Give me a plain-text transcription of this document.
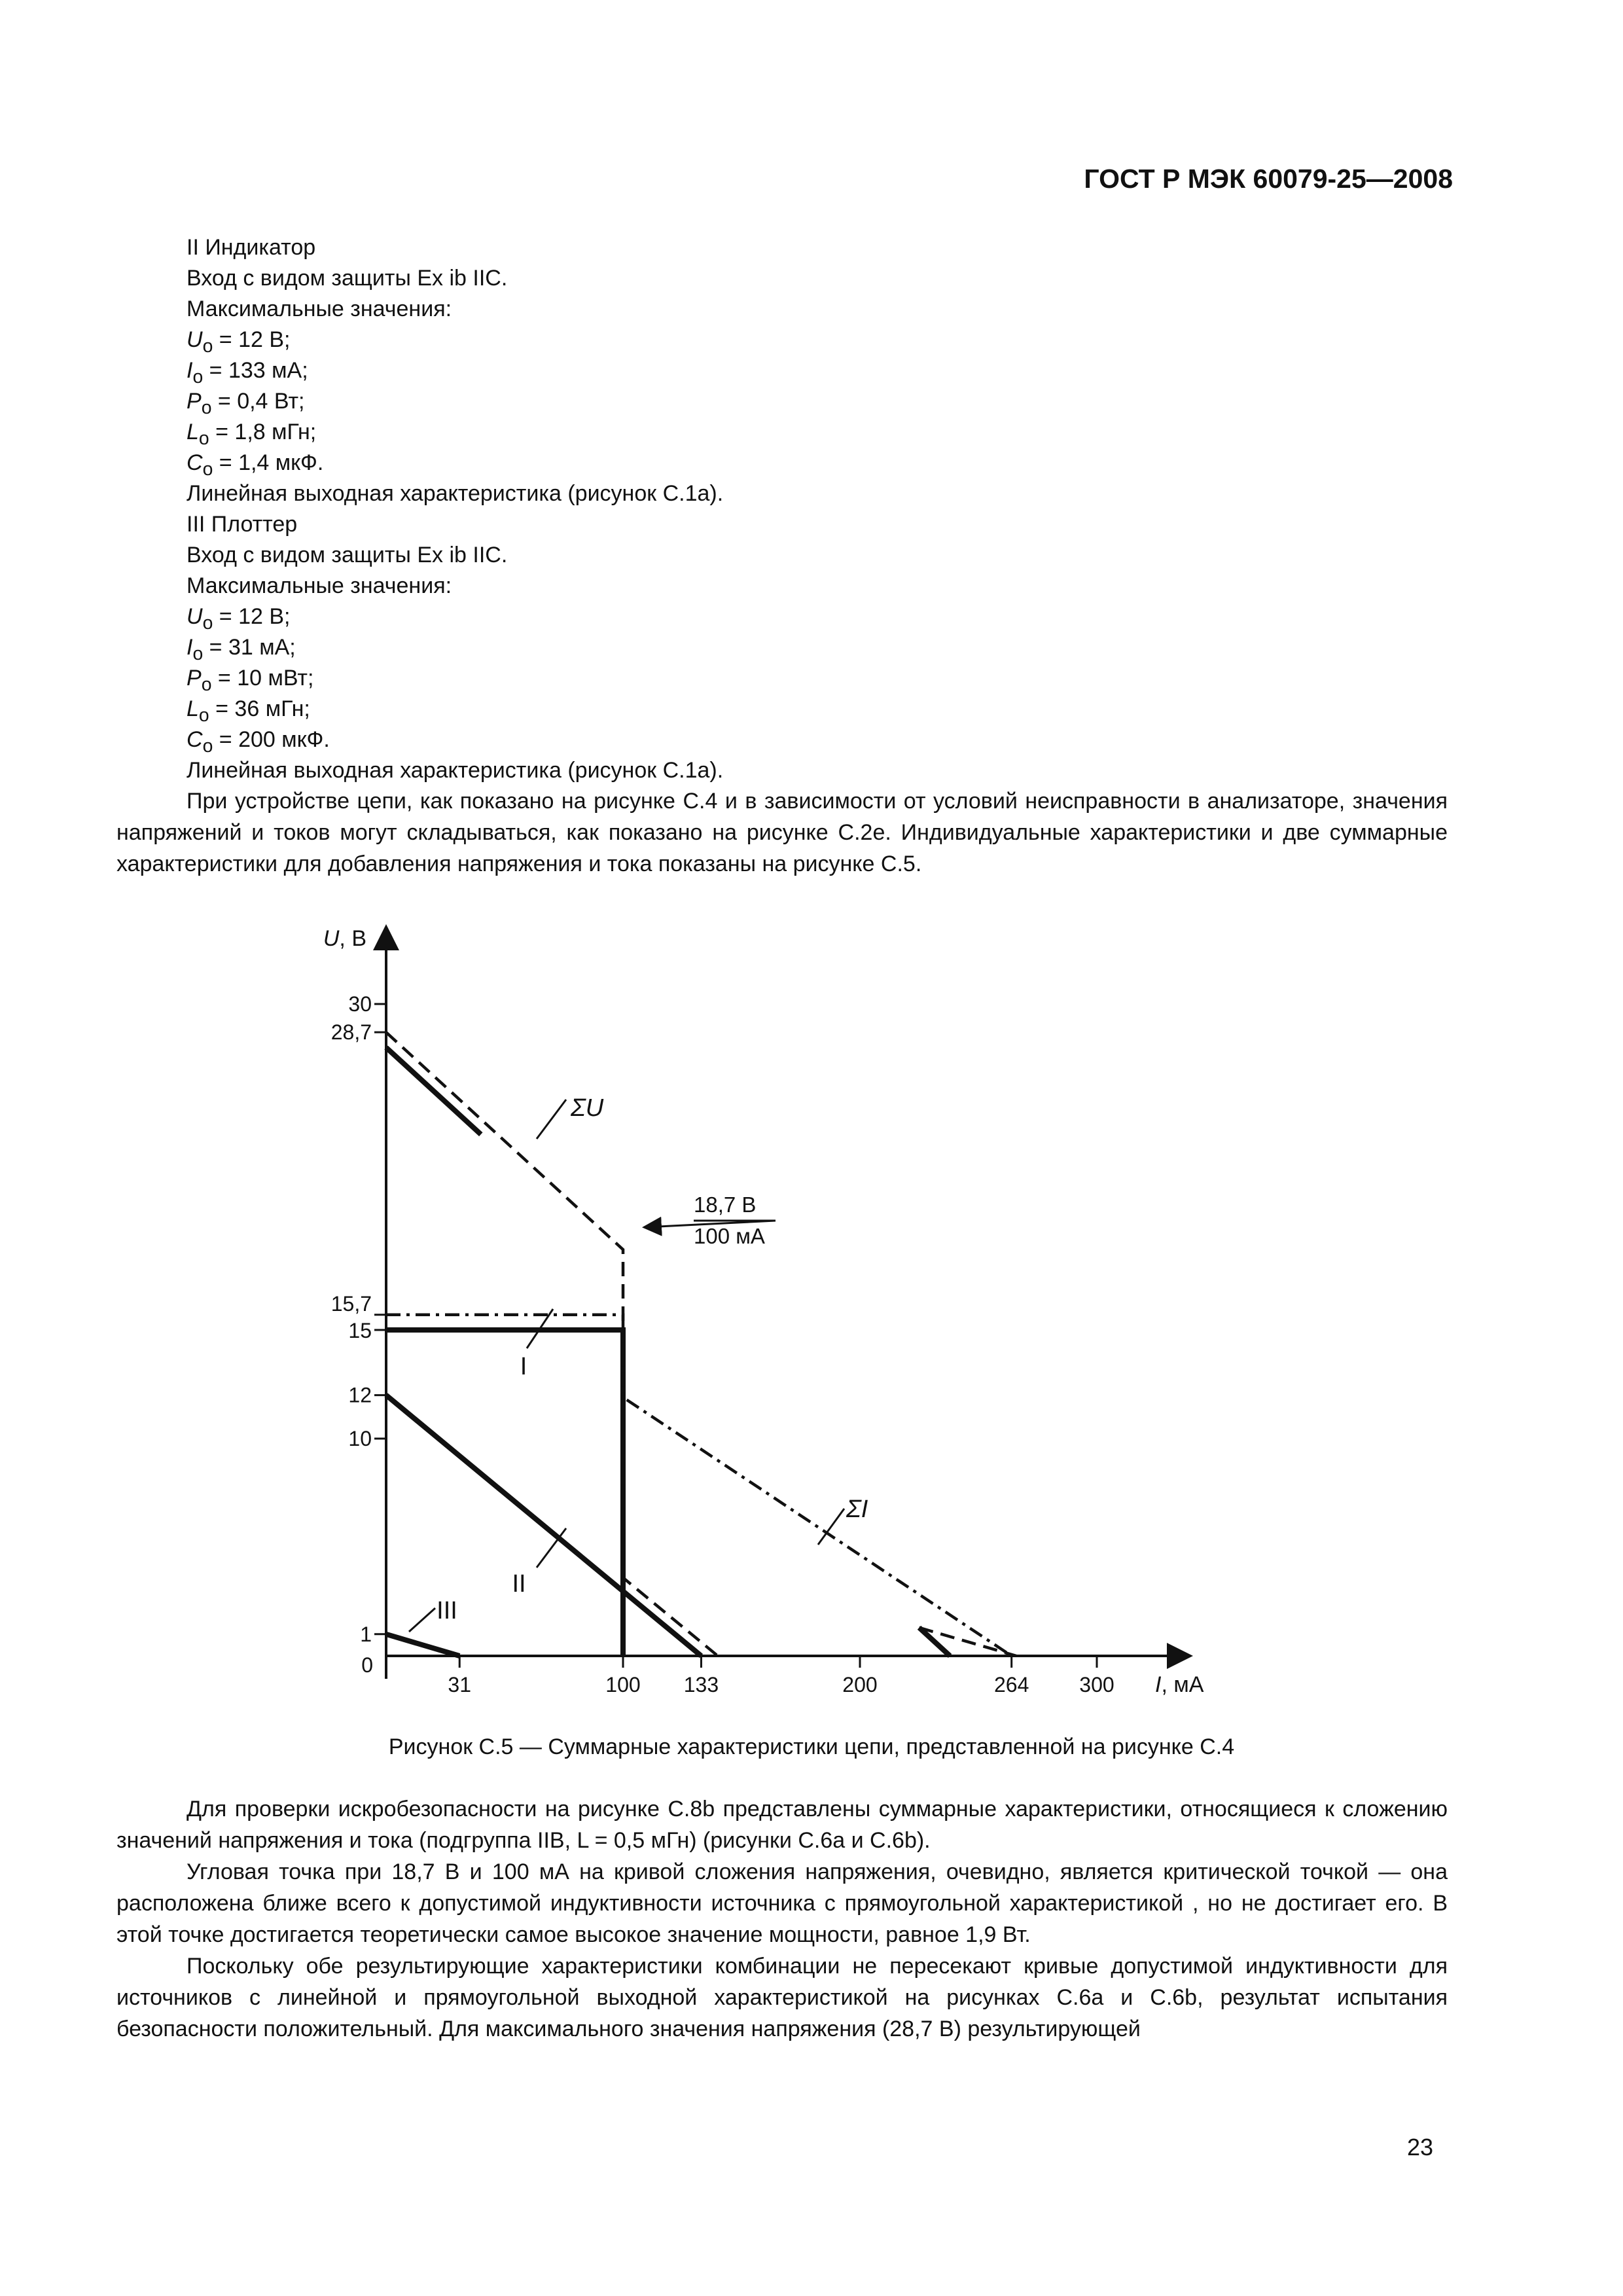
ГОСТ Р МЭК 60079-25—2008
II Индикатор
Вход с видом защиты Ex ib IIC.
Максимальные значения:
$U_o = 12$ В;
$I_o = 133$ мА;
$P_o = 0,4$ Вт;
$L_o = 1,8$ мГн;
$C_o = 1,4$ мкФ.
Линейная выходная характеристика (рисунок С.1а).
III Плоттер
Вход с видом защиты Ex ib IIC.
Максимальные значения:
$U_o = 12$ В;
$I_o = 31$ мА;
$P_o = 10$ мВт;
$L_o = 36$ мГн;
$C_o = 200$ мкФ.
Линейная выходная характеристика (рисунок С.1а).

При устройстве цепи, как показано на рисунке С.4 и в зависимости от условий неисправности в анализаторе, значения напряжений и токов могут складываться, как показано на рисунке С.2е. Индивидуальные характеристики и две суммарные характеристики для добавления напряжения и тока показаны на рисунке С.5.

1
10
12
15
15,7
28,7
30
31	100 133	200	264 300
0
U, В
I, мА
ΣU
I
II
III
ΣI
18,7 В
100 мА
Рисунок С.5 — Суммарные характеристики цепи, представленной на рисунке С.4

Для проверки искробезопасности на рисунке С.8b представлены суммарные характеристики, относящиеся к сложению значений напряжения и тока (подгруппа IIB, L = 0,5 мГн) (рисунки С.6а и С.6b).

Угловая точка при 18,7 В и 100 мА на кривой сложения напряжения, очевидно, является критической точкой — она расположена ближе всего к допустимой индуктивности источника с прямоугольной характеристикой , но не достигает его. В этой точке достигается теоретически самое высокое значение мощности, равное 1,9 Вт.

Поскольку обе результирующие характеристики комбинации не пересекают кривые допустимой индуктивности для источников с линейной и прямоугольной выходной характеристикой на рисунках С.6а и С.6b, результат испытания безопасности положительный. Для максимального значения напряжения (28,7 В) результирующей

23
